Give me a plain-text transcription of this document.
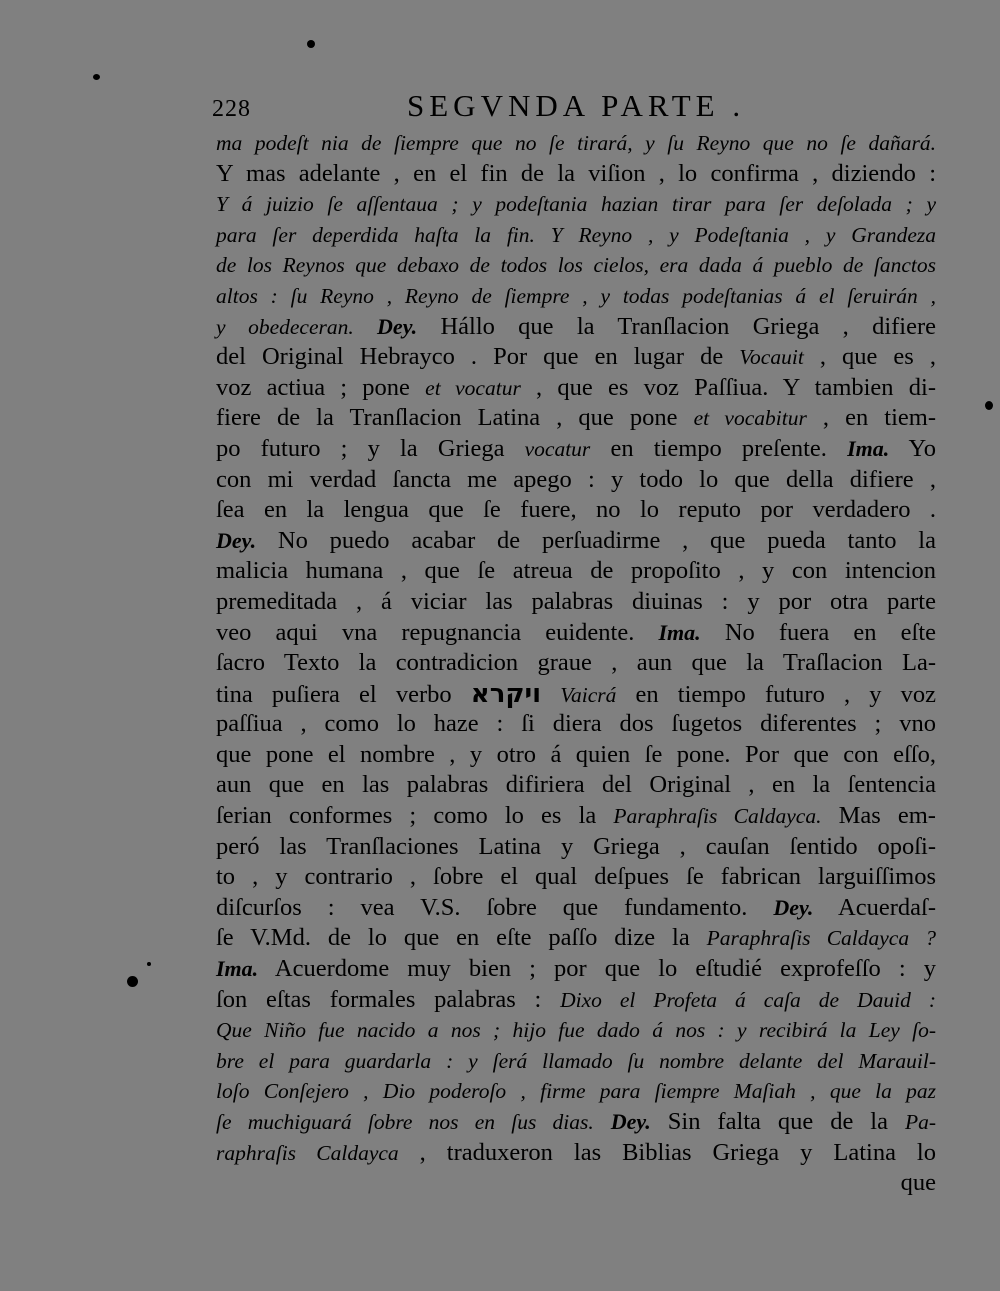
228	SEGVNDA PARTE .
ma podeſt nia de ſiempre que no ſe tirará, y ſu Reyno que no ſe dañará.
Y mas adelante , en el fin de la viſion , lo confirma , diziendo :
Y á juizio ſe aſſentaua ; y podeſtania hazian tirar para ſer deſolada ; y
para ſer deperdida haſta la fin. Y Reyno , y Podeſtania , y Grandeza
de los Reynos que debaxo de todos los cielos, era dada á pueblo de ſanctos
altos : ſu Reyno , Reyno de ſiempre , y todas podeſtanias á el ſeruirán ,
y obedeceran. Dey. Hállo que la Tranſlacion Griega , difiere
del Original Hebrayco . Por que en lugar de Vocauit , que es ,
voz actiua ; pone et vocatur , que es voz Paſſiua. Y tambien di-
fiere de la Tranſlacion Latina , que pone et vocabitur , en tiem-
po futuro ; y la Griega vocatur en tiempo preſente. Ima. Yo
con mi verdad ſancta me apego : y todo lo que della difiere ,
ſea en la lengua que ſe fuere, no lo reputo por verdadero .
Dey. No puedo acabar de perſuadirme , que pueda tanto la
malicia humana , que ſe atreua de propoſito , y con intencion
premeditada , á viciar las palabras diuinas : y por otra parte
veo aqui vna repugnancia euidente. Ima. No fuera en eſte
ſacro Texto la contradicion graue , aun que la Traſlacion La-
tina puſiera el verbo ויקרא Vaicrá en tiempo futuro , y voz
paſſiua , como lo haze : ſi diera dos ſugetos diferentes ; vno
que pone el nombre , y otro á quien ſe pone. Por que con eſſo,
aun que en las palabras difiriera del Original , en la ſentencia
ſerian conformes ; como lo es la Paraphraſis Caldayca. Mas em-
peró las Tranſlaciones Latina y Griega , cauſan ſentido opoſi-
to , y contrario , ſobre el qual deſpues ſe fabrican larguiſſimos
diſcurſos : vea V.S. ſobre que fundamento. Dey. Acuerdaſ-
ſe V.Md. de lo que en eſte paſſo dize la Paraphraſis Caldayca ?
Ima. Acuerdome muy bien ; por que lo eſtudié exprofeſſo : y
ſon eſtas formales palabras : Dixo el Profeta á caſa de Dauid :
Que Niño fue nacido a nos ; hijo fue dado á nos : y recibirá la Ley ſo-
bre el para guardarla : y ſerá llamado ſu nombre delante del Marauil-
loſo Conſejero , Dio poderoſo , firme para ſiempre Maſiah , que la paz
ſe muchiguará ſobre nos en ſus dias. Dey. Sin falta que de la Pa-
raphraſis Caldayca , traduxeron las Biblias Griega y Latina lo
que
